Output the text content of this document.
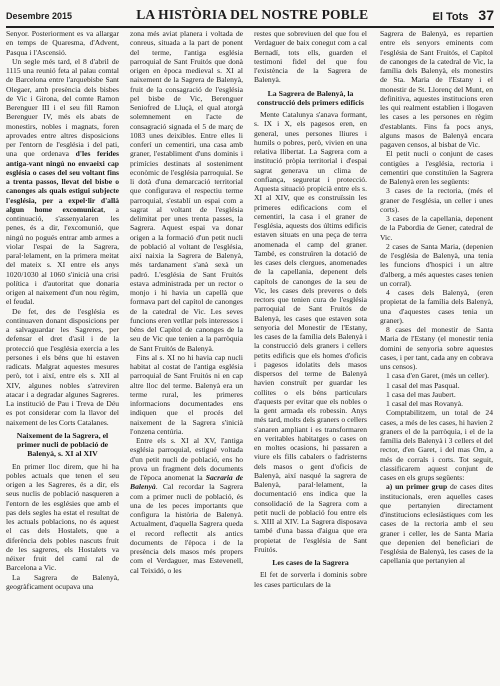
Desembre 2015	LA HISTÒRIA DEL NOSTRE POBLE	El Tots 37

Senyor. Posteriorment es va allargar en temps de Quaresma, d'Advent, Pasqua i l'Ascensió.

Un segle més tard, el 8 d'abril de 1115 una reunió feta al palau comtal de Barcelona entre l'arquebisbe Sant Olegaer, amb presència dels bisbes de Vic i Girona, del comte Ramon Berenguer III i el seu fill Ramon Berenguer IV, més els abats de monestirs, nobles i magnats, foren aprovades entre altres disposicions per l'entorn de l'església i del pati, una que ordenava d'les ferides antiga-vant ningú no envaeixi cap església o cases del seu voltant fins a trenta passos, llevat del bisbe o canonges als quals estigui subjecte l'església, per a expel·lir d'allà algun home excomunicat, a continuació, s'assenyalaren les penes, és a dir, l'excomunió, que ningú no pogués entrar amb armes a violar l'espai de la Sagrera, paral·lelament, en la primera meitat del mateix s. XI entre els anys 1020/1030 al 1060 s'inicià una crisi política i d'autoritat que donaria origen al naixement d'un nou règim, el feudal.

De fet, des de l'església es continuaven donant disposicions per a salvaguardar les Sagreres, per defensar el dret d'asil i de la protecció que l'església exercia a les persones i els béns que hi estaven radicats. Malgrat aquestes mesures però, tot i així, entre els s. XII al XIV, algunes nobles s'atreviren atacar i a degradar algunes Sagreres. La institució de Pau i Treva de Déu es pot considerar com la llavor del naixement de les Corts Catalanes.

Naixement de la Sagrera, el primer nucli de població de Balenyà, s. XI al XIV

En primer lloc direm, que hi ha pobles actuals que tenen el seu origen a les Sagreres, és a dir, els seus nuclis de població nasqueren a l'entorn de les esglésies que amb el pas dels segles ha estat el resultat de les actuals poblacions, no és aquest el cas dels Hostalets, que a diferència dels pobles nascuts fruit de les sagreres, els Hostalets va néixer fruit del camí ral de Barcelona a Vic.

La Sagrera de Balenyà, geogràficament ocupava una

zona més aviat planera i voltada de conreus, situada a la part de ponent del terme, l'antiga església parroquial de Sant Fruitós que donà origen en època medieval s. XI al naixement de la Sagrera de Balenyà, fruit de la consagració de l'església pel bisbe de Vic, Berenguer Seniofred de Lluçà, el qual atorgà solemnement en l'acte de consagració signada el 5 de març de 1083 unes deixibles. Entre elles li conferí un cementiri, una casa amb graner, l'establiment d'uns dominis i primícies destinats al sosteniment econòmic de l'església parroquial. Se li dotà d'una demarcació territorial que configurava el respectiu terme parroquial, s'establí un espai com a sagrat al voltant de l'església delimitat per unes trenta passes, la Sagrera. Aquest espai va donar origen a la formació d'un petit nucli de població al voltant de l'església, així naixia la Sagrera de Balenyà, més tardanament s'anà sexà un padró. L'església de Sant Fruitós estava administrada per un rector o monjo i hi havia un capellà que formava part del capítol de canonges de la catedral de Vic. Les seves funcions eren vetllar pels interessos i béns del Capítol de canonges de la seu de Vic que tenien a la parròquia de Sant Fruitós de Balenyà.

Fins al s. XI no hi havia cap nucli habitat al costat de l'antiga església parroquial de Sant Fruitós ni en cap altre lloc del terme. Balenyà era un terme rural, les primeres informacions documentades ens indiquen que el procés del naixement de la Sagrera s'inicià l'onzena centúria.

Entre els s. XI al XV, l'antiga església parroquial, estigué voltada d'un petit nucli de població, ens ho prova un fragment dels documents de l'època anomenat la Sacraria de Balenyà. Cal recordar la Sagrera com a primer nucli de població, és una de les peces importants que configura la història de Balenyà. Actualment, d'aquella Sagrera queda el record reflectit als antics documents de l'època i de la presència dels masos més propers com el Verdaguer, mas Estevenell, cal Teixidó, o les

restes que sobreviuen del que fou el Verdaguer de baix conegut com a cal Bernadí, tots ells, guarden el testimoni fidel del que fou l'existència de la Sagrera de Balenyà.

La Sagrera de Balenyà, la construcció dels primers edificis

Mente Catalunya s'anava formant, s. IX i X, els pagesos eren, en general, unes persones lliures i humils o pobres, però, vivien en una relativa llibertat. La Sagrera com a institució pròpia territorial i d'espai sagrat generava un clima de confiança, seguretat i protecció. Aquesta situació propicià entre els s. XI al XIV, que es construïssin les primeres edificacions com el cementiri, la casa i el graner de l'església, aquests dos últims edificis estaven situats en una peça de terra anomenada el camp del graner. També, es construïren la dotació de les cases dels clergues, anomenades de la capellania, depenent dels capítols de canonges de la seu de Vic, les cases dels preveres o dels rectors que tenien cura de l'església parroquial de Sant Fruitós de Balenyà, les cases que estaven sota senyoria del Monestir de l'Estany, les cases de la família dels Balenyà i la construcció dels graners i cellers petits edificis que els homes d'oficis i pagesos idolatits dels masos dispersos del terme de Balenyà havien construït per guardar les collites o els béns particulars d'aquests per evitar que els nobles o la gent armada els robessin. Anys més tard, molts dels graners o cellers s'anaren ampliant i es transformaren en veritables habitatges o cases on en moltes ocasions, hi passaren a viure els fills cabalers o fadristerns dels masos o gent d'oficis de Balenyà, així nasqué la sagrera de Balenyà, paral·lelament, la documentació ens indica que la consolidació de la Sagrera com a petit nucli de població fou entre els s. XIII al XIV. La Sagrera disposava també d'una bassa d'aigua que era propietat de l'església de Sant Fruitós.

Les cases de la Sagrera

El fet de sorverla i dominis sobre les cases particulars de la

Sagrera de Balenyà, es repartien entre els senyors eminents com l'església de Sant Fruitós, el Capítol de canonges de la catedral de Vic, la família dels Balenyà, els monestirs de Sta. Maria de l'Estany i el monestir de St. Llorenç del Munt, en definitiva, aquestes institucions eren les qui realment establien i llogaven les cases a les persones en règim d'establants. Fins fa pocs anys, alguns masos de Balenyà encara pagaven censos, al bisbat de Vic.

El petit nucli o conjunt de cases contigües a l'església, rectoria i cementiri que constituïen la Sagrera de Balenyà eren les següents:

3 cases de la rectoria, (més el graner de l'església, un celler i unes corts).

3 cases de la capellania, depenent de la Pabordia de Gener, catedral de Vic.

2 cases de Santa Maria, (depenien de l'església de Balenyà, una tenia les funcions d'hospici i un altre d'alberg, a més aquestes cases tenien un corral).

4 cases dels Balenyà, (eren propietat de la família dels Balenyà, una d'aquestes cases tenia un graner).

8 cases del monestir de Santa Maria de l'Estany (el monestir tenia domini de senyoria sobre aquestes cases, i per tant, cada any en cobrava uns censos).

1 casa d'en Garet, (més un celler).

1 casal del mas Pasqual.

1 casa del mas Jaubert.

1 casal del mas Rovanyà.

Comptabilitzem, un total de 24 cases, a més de les cases, hi havien 2 graners el de la parròquia, i el de la família dels Balenyà i 3 cellers el del rector, d'en Garet, i del mas Om, a més de corrals i corts. Tot seguit, classificarem aquest conjunt de cases en els grups següents:

a) un primer grup de cases dites institucionals, eren aquelles cases que pertanyien directament d'institucions eclesiàstiques com les cases de la rectoria amb el seu graner i celler, les de Santa Maria que depenien del beneficiari de l'església de Balenyà, les cases de la capellania que pertanyien al
